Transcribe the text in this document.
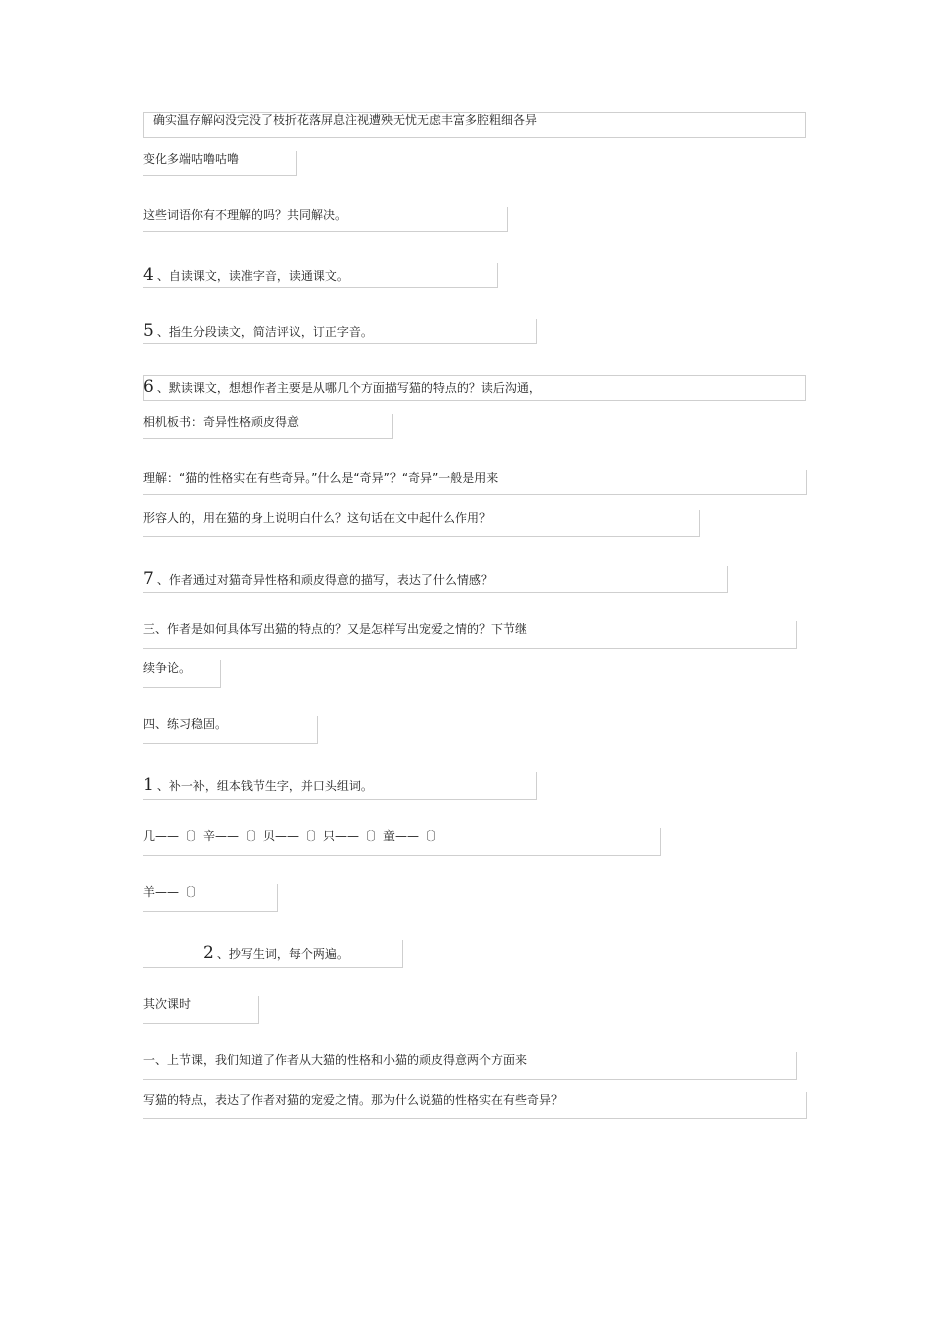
确实温存解闷没完没了枝折花落屏息注视遭殃无忧无虑丰富多腔粗细各异
变化多端咕噜咕噜
这些词语你有不理解的吗？共同解决。
4 、自读课文，读准字音，读通课文。
5 、指生分段读文，简洁评议，订正字音。
6 、默读课文，想想作者主要是从哪几个方面描写猫的特点的？读后沟通，
相机板书：奇异性格顽皮得意
理解：“猫的性格实在有些奇异。”什么是“奇异”？“奇异”一般是用来
形容人的，用在猫的身上说明白什么？这句话在文中起什么作用？
7 、作者通过对猫奇异性格和顽皮得意的描写，表达了什么情感？
三、作者是如何具体写出猫的特点的？又是怎样写出宠爱之情的？下节继
续争论。
四、练习稳固。
1 、补一补，组本钱节生字，并口头组词。
几——〔〕辛——〔〕贝——〔〕只——〔〕童——〔〕
羊——〔〕
2 、抄写生词，每个两遍。
其次课时
一、上节课，我们知道了作者从大猫的性格和小猫的顽皮得意两个方面来
写猫的特点，表达了作者对猫的宠爱之情。那为什么说猫的性格实在有些奇异？
